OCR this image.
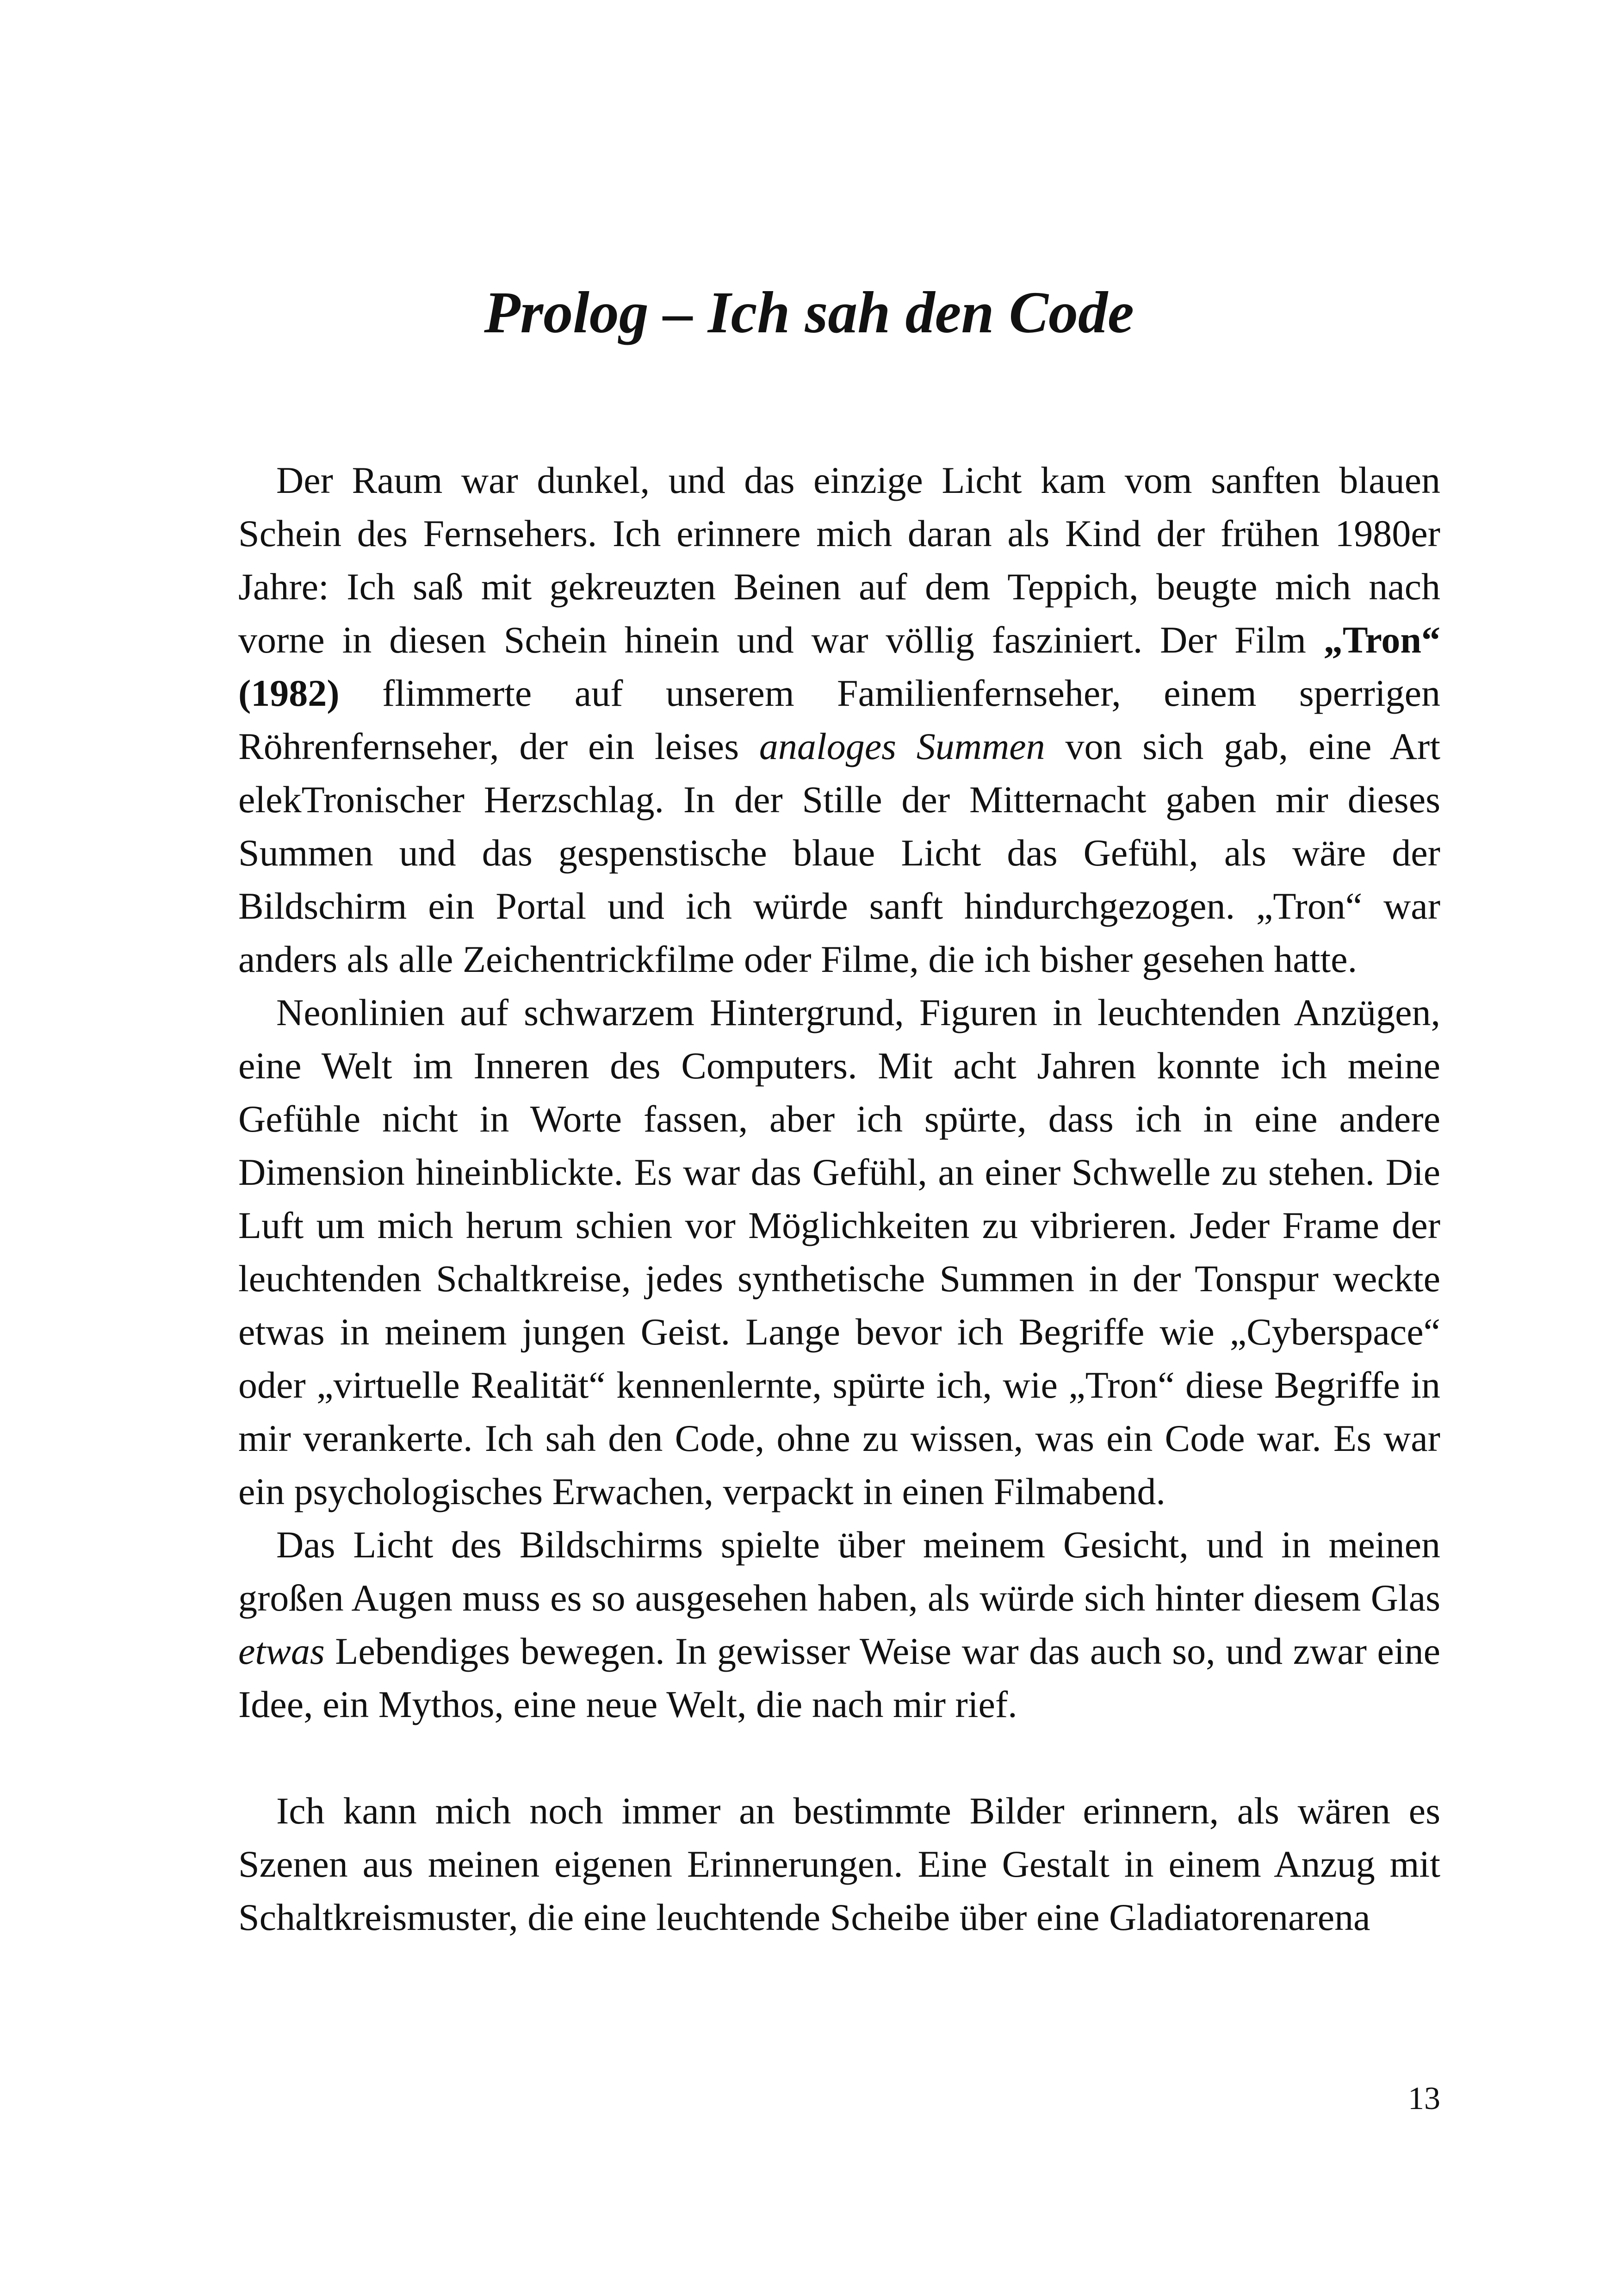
Prolog – Ich sah den Code

Der Raum war dunkel, und das einzige Licht kam vom sanften blauen Schein des Fernsehers. Ich erinnere mich daran als Kind der frühen 1980er Jahre: Ich saß mit gekreuzten Beinen auf dem Teppich, beugte mich nach vorne in diesen Schein hinein und war völlig fasziniert. Der Film „Tron“ (1982) flimmerte auf unserem Familienfernseher, einem sperrigen Röhrenfernseher, der ein leises analoges Summen von sich gab, eine Art elekTronischer Herzschlag. In der Stille der Mitternacht gaben mir dieses Summen und das gespenstische blaue Licht das Gefühl, als wäre der Bildschirm ein Portal und ich würde sanft hindurchgezogen. „Tron“ war anders als alle Zeichentrickfilme oder Filme, die ich bisher gesehen hatte.

Neonlinien auf schwarzem Hintergrund, Figuren in leuchtenden Anzügen, eine Welt im Inneren des Computers. Mit acht Jahren konnte ich meine Gefühle nicht in Worte fassen, aber ich spürte, dass ich in eine andere Dimension hineinblickte. Es war das Gefühl, an einer Schwelle zu stehen. Die Luft um mich herum schien vor Möglichkeiten zu vibrieren. Jeder Frame der leuchtenden Schaltkreise, jedes synthetische Summen in der Tonspur weckte etwas in meinem jungen Geist. Lange bevor ich Begriffe wie „Cyberspace“ oder „virtuelle Realität“ kennenlernte, spürte ich, wie „Tron“ diese Begriffe in mir verankerte. Ich sah den Code, ohne zu wissen, was ein Code war. Es war ein psychologisches Erwachen, verpackt in einen Filmabend.

Das Licht des Bildschirms spielte über meinem Gesicht, und in meinen großen Augen muss es so ausgesehen haben, als würde sich hinter diesem Glas etwas Lebendiges bewegen. In gewisser Weise war das auch so, und zwar eine Idee, ein Mythos, eine neue Welt, die nach mir rief.

Ich kann mich noch immer an bestimmte Bilder erinnern, als wären es Szenen aus meinen eigenen Erinnerungen. Eine Gestalt in einem Anzug mit Schaltkreismuster, die eine leuchtende Scheibe über eine Gladiatorenarena

13
